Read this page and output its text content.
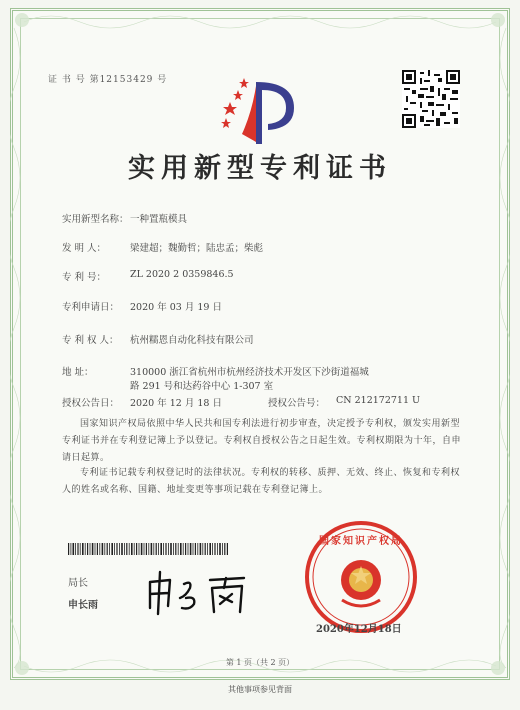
证 书 号 第12153429 号
实用新型专利证书
实用新型名称： 一种置瓶模具
发 明 人：	梁建超；魏勤哲；陆忠孟；柴彪
专 利 号：	ZL 2020 2 0359846.5
专利申请日： 2020 年 03 月 19 日
专 利 权 人： 杭州糯恩自动化科技有限公司
地 址：	310000 浙江省杭州市杭州经济技术开发区下沙街道福城
路 291 号和达药谷中心 1-307 室
授权公告日： 2020 年 12 月 18 日	授权公告号： CN 212172711 U
国家知识产权局依照中华人民共和国专利法进行初步审查，决定授予专利权，颁发实用新型专利证书并在专利登记簿上予以登记。专利权自授权公告之日起生效。专利权期限为十年，自申请日起算。
专利证书记载专利权登记时的法律状况。专利权的转移、质押、无效、终止、恢复和专利权人的姓名或名称、国籍、地址变更等事项记载在专利登记簿上。
局长
申长雨
国家知识产权局
2020年12月18日
第 1 页（共 2 页）
其他事项参见背面
